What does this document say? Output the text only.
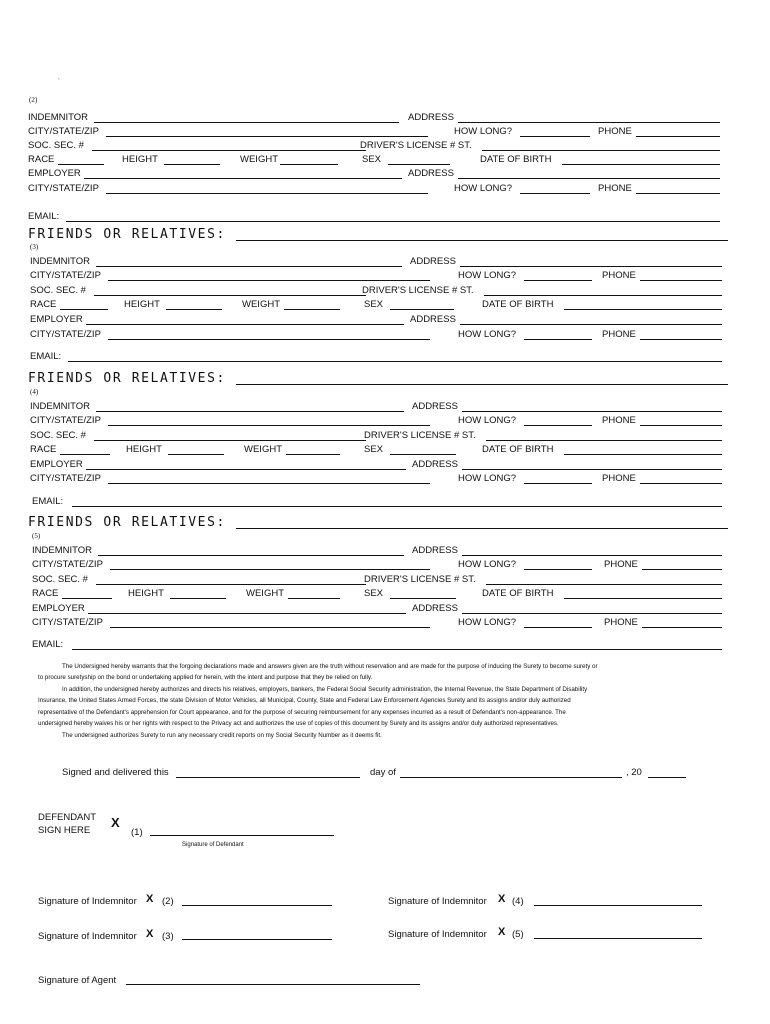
ˎ
(2)
INDEMNITOR	ADDRESS
CITY/STATE/ZIP	HOW LONG?	PHONE
SOC. SEC. #	DRIVER'S LICENSE # ST.
RACE	HEIGHT	WEIGHT	SEX	DATE OF BIRTH
EMPLOYER	ADDRESS
CITY/STATE/ZIP	HOW LONG?	PHONE
EMAIL:
FRIENDS OR RELATIVES:
(3)
INDEMNITOR	ADDRESS
CITY/STATE/ZIP	HOW LONG?	PHONE
SOC. SEC. #	DRIVER'S LICENSE # ST.
RACE	HEIGHT	WEIGHT	SEX	DATE OF BIRTH
EMPLOYER	ADDRESS
CITY/STATE/ZIP	HOW LONG?	PHONE
EMAIL:
FRIENDS OR RELATIVES:
(4)
INDEMNITOR	ADDRESS
CITY/STATE/ZIP	HOW LONG?	PHONE
SOC. SEC. #	DRIVER'S LICENSE # ST.
RACE	HEIGHT	WEIGHT	SEX	DATE OF BIRTH
EMPLOYER	ADDRESS
CITY/STATE/ZIP	HOW LONG?	PHONE
EMAIL:
FRIENDS OR RELATIVES:
(5)
INDEMNITOR	ADDRESS
CITY/STATE/ZIP	HOW LONG?	PHONE
SOC. SEC. #	DRIVER'S LICENSE # ST.
RACE	HEIGHT	WEIGHT	SEX	DATE OF BIRTH
EMPLOYER	ADDRESS
CITY/STATE/ZIP	HOW LONG?	PHONE
EMAIL:
The Undersigned hereby warrants that the forgoing declarations made and answers given are the truth without reservation and are made for the purpose of inducing the Surety to become surety or
to procure suretyship on the bond or undertaking applied for herein, with the intent and purpose that they be relied on fully.
In addition, the undersigned hereby authorizes and directs his relatives, employers, bankers, the Federal Social Security administration, the Internal Revenue, the State Department of Disability
Insurance, the United States Armed Forces, the state Division of Motor Vehicles, all Municipal, County, State and Federal Law Enforcement Agencies Surety and its assigns and/or duly authorized
representative of the Defendant's apprehension for Court appearance, and for the purpose of securing reimbursement for any expenses incurred as a result of Defendant's non-appearance. The
undersigned hereby waives his or her rights with respect to the Privacy act and authorizes the use of copies of this document by Surety and its assigns and/or duly authorized representatives.
The undersigned authorizes Surety to run any necessary credit reports on my Social Security Number as it deems fit.
Signed and delivered this	day of	, 20
DEFENDANT
SIGN HERE
X
(1)
Signature of Defendant
Signature of Indemnitor X (2)	Signature of Indemnitor X (4)
Signature of Indemnitor X (3)	Signature of Indemnitor X (5)
Signature of Agent
